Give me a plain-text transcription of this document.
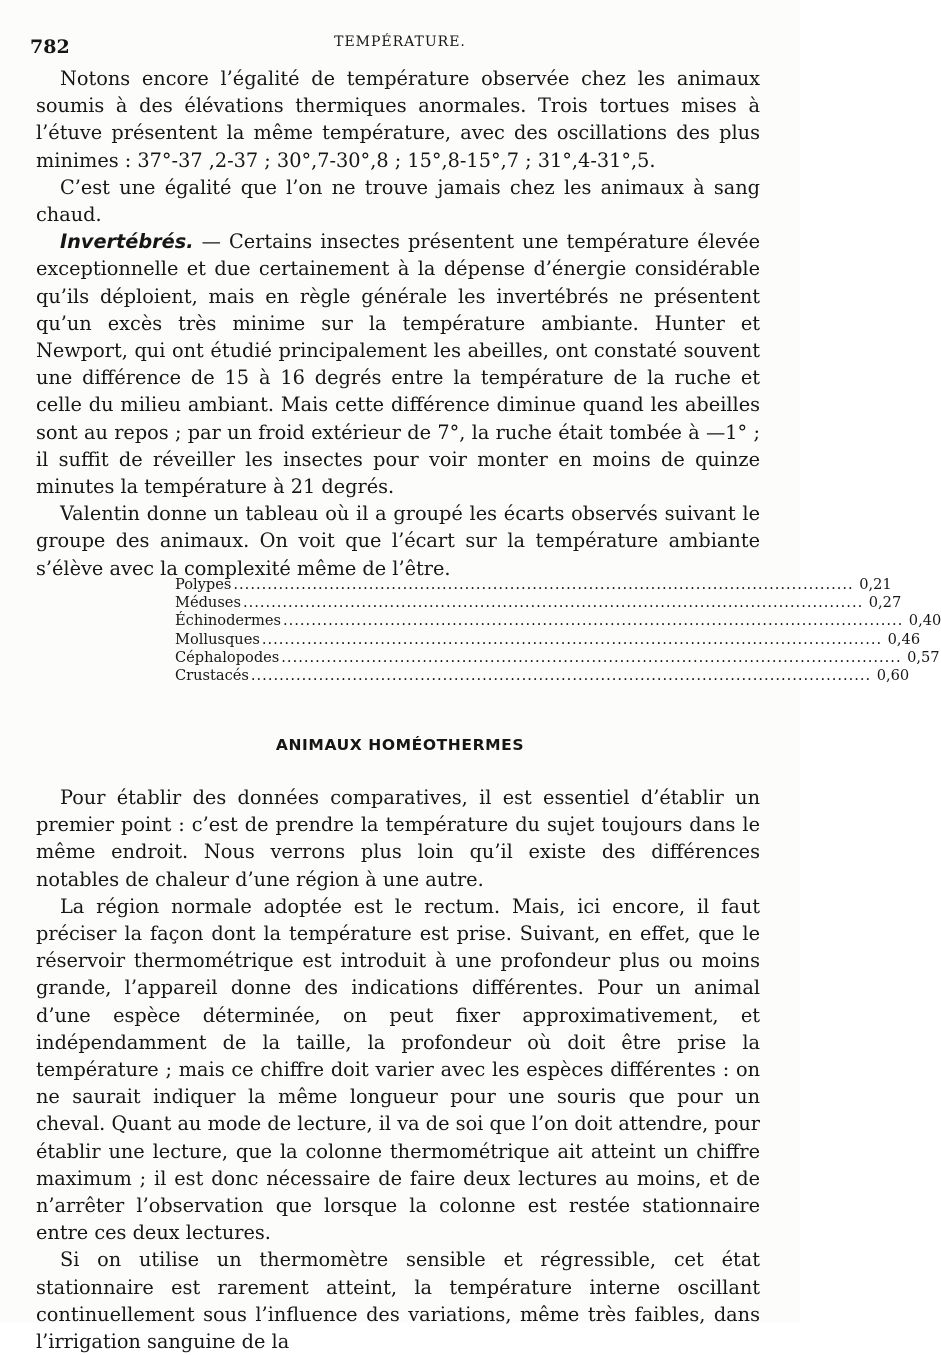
782	TEMPÉRATURE.

Notons encore l’égalité de température observée chez les animaux soumis à des élévations thermiques anormales. Trois tortues mises à l’étuve présentent la même température, avec des oscillations des plus minimes : 37°-37 ,2-37 ; 30°,7-30°,8 ; 15°,8-15°,7 ; 31°,4-31°,5.

C’est une égalité que l’on ne trouve jamais chez les animaux à sang chaud.

Invertébrés. — Certains insectes présentent une température élevée exceptionnelle et due certainement à la dépense d’énergie considérable qu’ils déploient, mais en règle générale les invertébrés ne présentent qu’un excès très minime sur la température ambiante. Hunter et Newport, qui ont étudié principalement les abeilles, ont constaté souvent une différence de 15 à 16 degrés entre la température de la ruche et celle du milieu ambiant. Mais cette différence diminue quand les abeilles sont au repos ; par un froid extérieur de 7°, la ruche était tombée à —1° ; il suffit de réveiller les insectes pour voir monter en moins de quinze minutes la température à 21 degrés.

Valentin donne un tableau où il a groupé les écarts observés suivant le groupe des animaux. On voit que l’écart sur la température ambiante s’élève avec la complexité même de l’être.

Polypes .....	0,21
Méduses .....	0,27
Échinodermes .....	0,40
Mollusques .....	0,46
Céphalopodes .....	0,57
Crustacés .....	0,60
ANIMAUX HOMÉOTHERMES

Pour établir des données comparatives, il est essentiel d’établir un premier point : c’est de prendre la température du sujet toujours dans le même endroit. Nous verrons plus loin qu’il existe des différences notables de chaleur d’une région à une autre.

La région normale adoptée est le rectum. Mais, ici encore, il faut préciser la façon dont la température est prise. Suivant, en effet, que le réservoir thermométrique est introduit à une profondeur plus ou moins grande, l’appareil donne des indications différentes. Pour un animal d’une espèce déterminée, on peut fixer approximativement, et indépendamment de la taille, la profondeur où doit être prise la température ; mais ce chiffre doit varier avec les espèces différentes : on ne saurait indiquer la même longueur pour une souris que pour un cheval. Quant au mode de lecture, il va de soi que l’on doit attendre, pour établir une lecture, que la colonne thermométrique ait atteint un chiffre maximum ; il est donc nécessaire de faire deux lectures au moins, et de n’arrêter l’observation que lorsque la colonne est restée stationnaire entre ces deux lectures.

Si on utilise un thermomètre sensible et régressible, cet état stationnaire est rarement atteint, la température interne oscillant continuellement sous l’influence des variations, même très faibles, dans l’irrigation sanguine de la
